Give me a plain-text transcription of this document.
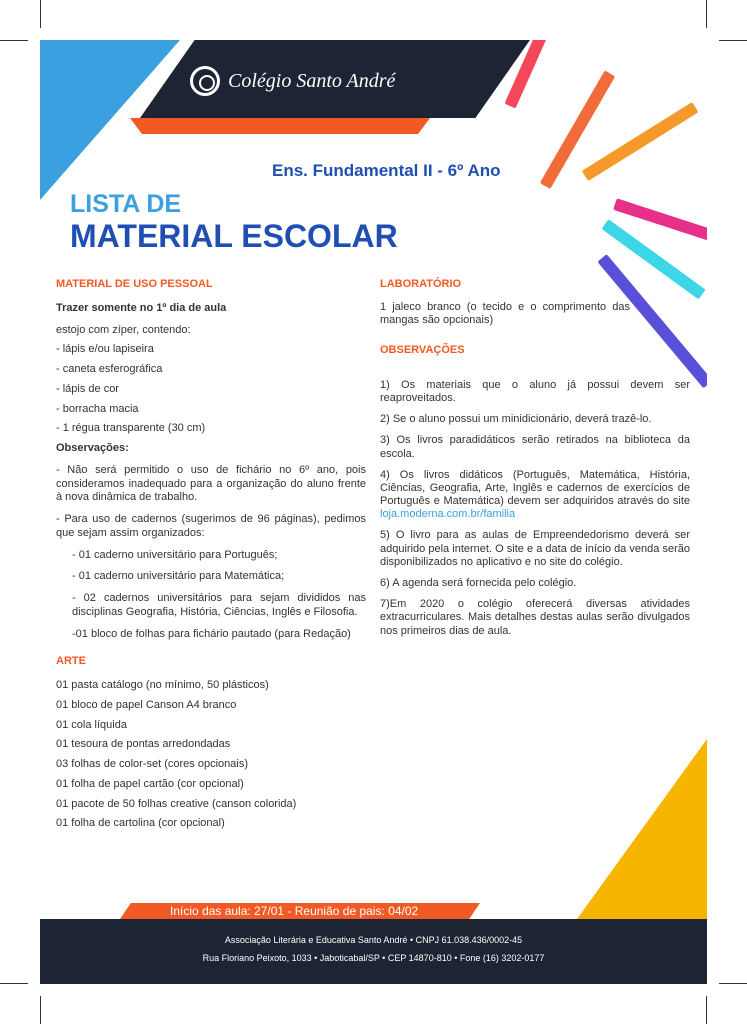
Colégio Santo André
Ens. Fundamental II - 6º Ano
LISTA DE
MATERIAL ESCOLAR
MATERIAL DE USO PESSOAL
Trazer somente no 1º dia de aula
estojo com zíper, contendo:
- lápis e/ou lapiseira
- caneta esferográfica
- lápis de cor
- borracha macia
- 1 régua transparente (30 cm)
Observações:
- Não será permitido o uso de fichário no 6º ano, pois consideramos inadequado para a organização do aluno frente à nova dinâmica de trabalho.
- Para uso de cadernos (sugerimos de 96 páginas), pedimos que sejam assim organizados:
- 01 caderno universitário para Português;
- 01 caderno universitário para Matemática;
- 02 cadernos universitários para sejam divididos nas disciplinas Geografia, História, Ciências, Inglês e Filosofia.
-01 bloco de folhas para fichário pautado (para Redação)
ARTE
01 pasta catálogo (no mínimo, 50 plásticos)
01 bloco de papel Canson A4 branco
01 cola líquida
01 tesoura de pontas arredondadas
03 folhas de color-set (cores opcionais)
01 folha de papel cartão (cor opcional)
01 pacote de 50 folhas creative (canson colorida)
01 folha de cartolina (cor opcional)
LABORATÓRIO
1 jaleco branco (o tecido e o comprimento das mangas são opcionais)
OBSERVAÇÕES
1) Os materiais que o aluno já possui devem ser reaproveitados.
2) Se o aluno possui um minidicionário, deverá trazê-lo.
3) Os livros paradidáticos serão retirados na biblioteca da escola.
4) Os livros didáticos (Português, Matemática, História, Ciências, Geografia, Arte, Inglês e cadernos de exercícios de Português e Matemática) devem ser adquiridos através do site loja.moderna.com.br/familia
5) O livro para as aulas de Empreendedorismo deverá ser adquirido pela internet. O site e a data de início da venda serão disponibilizados no aplicativo e no site do colégio.
6) A agenda será fornecida pelo colégio.
7)Em 2020 o colégio oferecerá diversas atividades extracurriculares. Mais detalhes destas aulas serão divulgados nos primeiros dias de aula.
Início das aula: 27/01 - Reunião de pais: 04/02
Associação Literária e Educativa Santo André • CNPJ 61.038.436/0002-45
Rua Floriano Peixoto, 1033 • Jaboticabal/SP • CEP 14870-810 • Fone (16) 3202-0177
